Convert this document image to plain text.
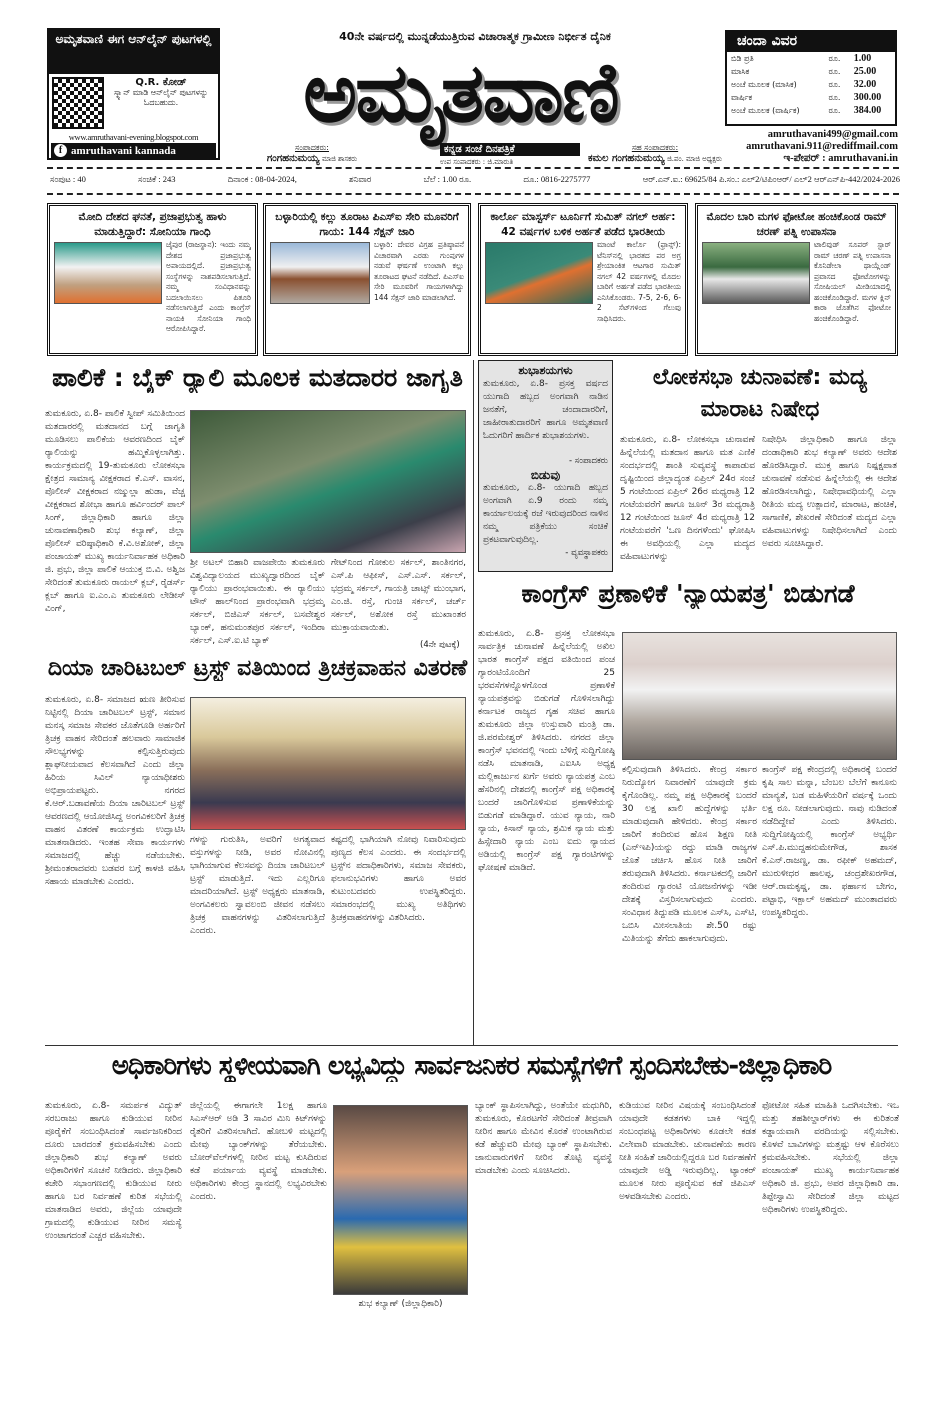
ಅಮೃತವಾಣಿ ಈಗ ಆನ್‌ಲೈನ್ ಪುಟಗಳಲ್ಲಿ
Q.R. ಕೋಡ್
ಸ್ಕ್ಯಾನ್ ಮಾಡಿ ಆನ್‌ಲೈನ್ ಪುಟಗಳನ್ನು ಓದಬಹುದು.
www.amruthavani-evening.blogspot.com
f amruthavani kannada
40ನೇ ವರ್ಷದಲ್ಲಿ ಮುನ್ನಡೆಯುತ್ತಿರುವ ವಿಚಾರಾತ್ಮಕ ಗ್ರಾಮೀಣ ನಿರ್ಭೀತ ದೈನಿಕ
ಅಮೃತವಾಣಿ
ಕನ್ನಡ ಸಂಜೆ ದಿನಪತ್ರಿಕೆ
ಉಪ ಸಂಪಾದಕರು : ಜಿ.ಮಾರುತಿ
ಸಂಪಾದಕರು:
ಗಂಗಹನುಮಯ್ಯ ಮಾಜಿ ಶಾಸಕರು
ಸಹ ಸಂಪಾದಕರು:
ಕಮಲ ಗಂಗಹನುಮಯ್ಯ ಜಿ.ಪಂ. ಮಾಜಿ ಅಧ್ಯಕ್ಷರು
ಚಂದಾ ವಿವರ
ಬಿಡಿ ಪ್ರತಿ	ರೂ.	1.00
ಮಾಸಿಕ	ರೂ.	25.00
ಅಂಚೆ ಮೂಲಕ (ಮಾಸಿಕ)	ರೂ.	32.00
ವಾರ್ಷಿಕ	ರೂ.	300.00
ಅಂಚೆ ಮೂಲಕ (ವಾರ್ಷಿಕ)	ರೂ.	384.00
amruthavani499@gmail.com
amruthavani.911@rediffmail.com
ಇ-ಪೇಪರ್ : amruthavani.in
ಸಂಪುಟ : 40	ಸಂಚಿಕೆ : 243	ದಿನಾಂಕ : 08-04-2024,	ಶನಿವಾರ	ಬೆಲೆ : 1.00 ರೂ.	ದೂ.: 0816-2275777	ಆರ್.ಎನ್.ಐ.: 69625/84 ಪಿ.ಸಂ.: ಎಲ್2/ಟಿಪಿಂಆರ್/ ಎಲ್2 ಆರ್‌ಎನ್‌ಪಿ-442/2024-2026
ಮೋದಿ ದೇಶದ ಘನತೆ, ಪ್ರಜಾಪ್ರಭುತ್ವ ಹಾಳು ಮಾಡುತ್ತಿದ್ದಾರೆ: ಸೋನಿಯಾ ಗಾಂಧಿ
ಜೈಪುರ (ರಾಜಸ್ಥಾನ): ಇಂದು ನಮ್ಮ ದೇಶದ ಪ್ರಜಾಪ್ರಭುತ್ವ ಅಪಾಯದಲ್ಲಿದೆ. ಪ್ರಜಾಪ್ರಭುತ್ವ ಸಂಸ್ಥೆಗಳನ್ನು ನಾಶಪಡಿಸಲಾಗುತ್ತಿದೆ. ನಮ್ಮ ಸಂವಿಧಾನವನ್ನು ಬದಲಾಯಿಸಲು ಪಿತೂರಿ ನಡೆಸಲಾಗುತ್ತಿದೆ ಎಂದು ಕಾಂಗ್ರೆಸ್ ನಾಯಕಿ ಸೋನಿಯಾ ಗಾಂಧಿ ಆರೋಪಿಸಿದ್ದಾರೆ.
ಬಳ್ಳಾರಿಯಲ್ಲಿ ಕಲ್ಲು ತೂರಾಟ ಪಿಎಸ್‌ಐ ಸೇರಿ ಮೂವರಿಗೆ ಗಾಯ: 144 ಸೆಕ್ಷನ್ ಜಾರಿ
ಬಳ್ಳಾರಿ: ದೇವರ ವಿಗ್ರಹ ಪ್ರತಿಷ್ಠಾಪನೆ ವಿಚಾರವಾಗಿ ಎರಡು ಗುಂಪುಗಳ ನಡುವೆ ಘರ್ಷಣೆ ಉಂಟಾಗಿ ಕಲ್ಲು ತೂರಾಟದ ಘಟನೆ ನಡೆದಿದೆ. ಪಿಎಸ್‌ಐ ಸೇರಿ ಮೂವರಿಗೆ ಗಾಯಗಳಾಗಿದ್ದು 144 ಸೆಕ್ಷನ್ ಜಾರಿ ಮಾಡಲಾಗಿದೆ.
ಕಾರ್ಲೊ ಮಾಸ್ಟರ್ಸ್ ಟೂರ್ನಿಗೆ ಸುಮಿತ್ ನಗಲ್ ಅರ್ಹ: 42 ವರ್ಷಗಳ ಬಳಿಕ ಅರ್ಹತೆ ಪಡೆದ ಭಾರತೀಯ
ಮಾಂಟೆ ಕಾರ್ಲೊ (ಫ್ರಾನ್ಸ್): ಟೆನಿಸ್‌ನಲ್ಲಿ ಭಾರತದ ಪರ ಅಗ್ರ ಶ್ರೇಯಾಂಕಿತ ಆಟಗಾರ ಸುಮಿತ್ ನಗಲ್ 42 ವರ್ಷಗಳಲ್ಲಿ ಮೊದಲ ಬಾರಿಗೆ ಅರ್ಹತೆ ಪಡೆದ ಭಾರತೀಯ ಎನಿಸಿಕೊಂಡರು. 7-5, 2-6, 6-2 ಸೆಟ್‌ಗಳಿಂದ ಗೆಲುವು ಸಾಧಿಸಿದರು.
ಮೊದಲ ಬಾರಿ ಮಗಳ ಫೋಟೋ ಹಂಚಿಕೊಂಡ ರಾಮ್ ಚರಣ್ ಪತ್ನಿ ಉಪಾಸನಾ
ಟಾಲಿವುಡ್ ಸೂಪರ್ ಸ್ಟಾರ್ ರಾಮ್ ಚರಣ್ ಪತ್ನಿ ಉಪಾಸನಾ ಕೊನಿಡೇಲಾ ಥಾಯ್ಲೆಂಡ್ ಪ್ರವಾಸದ ಫೋಟೋಗಳನ್ನು ಸೋಷಿಯಲ್ ಮೀಡಿಯಾದಲ್ಲಿ ಹಂಚಿಕೊಂಡಿದ್ದಾರೆ. ಮಗಳ ಕ್ಲಿನ್ ಕಾರಾ ಜೊತೆಗಿನ ಫೋಟೋ ಹಂಚಿಕೊಂಡಿದ್ದಾರೆ.
ಪಾಲಿಕೆ : ಬೈಕ್ ರ್‍ಯಾಲಿ ಮೂಲಕ ಮತದಾರರ ಜಾಗೃತಿ
ತುಮಕೂರು, ಏ.8- ಪಾಲಿಕೆ ಸ್ವೀಪ್ ಸಮಿತಿಯಿಂದ ಮತದಾರರಲ್ಲಿ ಮತದಾನದ ಬಗ್ಗೆ ಜಾಗೃತಿ ಮೂಡಿಸಲು ಪಾಲಿಕೆಯ ಆವರಣದಿಂದ ಬೈಕ್ ರ್‍ಯಾಲಿಯನ್ನು ಹಮ್ಮಿಕೊಳ್ಳಲಾಗಿತ್ತು. ಕಾರ್ಯಕ್ರಮದಲ್ಲಿ 19-ತುಮಕೂರು ಲೋಕಸಭಾ ಕ್ಷೇತ್ರದ ಸಾಮಾನ್ಯ ವೀಕ್ಷಕರಾದ ಕೆ.ಎಸ್. ವಾಸನ, ಪೊಲೀಸ್ ವೀಕ್ಷಕರಾದ ನಜ್ಮುಲ್ಲಾ ಹುಡಾ, ವೆಚ್ಚ ವೀಕ್ಷಕರಾದ ಶೋಭಾ ಹಾಗೂ ಹರ್ವಿಂದರ್ ಪಾಲ್ ಸಿಂಗ್, ಜಿಲ್ಲಾಧಿಕಾರಿ ಹಾಗೂ ಜಿಲ್ಲಾ ಚುನಾವಣಾಧಿಕಾರಿ ಶುಭ ಕಲ್ಯಾಣ್, ಜಿಲ್ಲಾ ಪೊಲೀಸ್ ವರಿಷ್ಠಾಧಿಕಾರಿ ಕೆ.ವಿ.ಅಶೋಕ್, ಜಿಲ್ಲಾ ಪಂಚಾಯತ್ ಮುಖ್ಯ ಕಾರ್ಯನಿರ್ವಾಹಕ ಅಧಿಕಾರಿ ಜಿ. ಪ್ರಭು, ಜಿಲ್ಲಾ ಪಾಲಿಕೆ ಆಯುಕ್ತ ಬಿ.ವಿ. ಅಶ್ವಿಜ ಸೇರಿದಂತೆ ತುಮಕೂರು ರಾಯಲ್ ಕ್ಲಬ್, ರೈಡರ್ಸ್ ಕ್ಲಬ್ ಹಾಗೂ ಐ.ಎಂ.ಎ ತುಮಕೂರು ಲೇಡೀಸ್ ವಿಂಗ್,
ಶ್ರೀ ಅಟಲ್ ಬಿಹಾರಿ ವಾಜಪೇಯಿ ತುಮಕೂರು ವಿಶ್ವವಿದ್ಯಾಲಯದ ಮುಖ್ಯದ್ವಾರದಿಂದ ಬೈಕ್ ರ್‍ಯಾಲಿಯು ಪ್ರಾರಂಭವಾಯಿತು. ಈ ರ್‍ಯಾಲಿಯು ಟೌನ್ ಹಾಲ್‌ನಿಂದ ಪ್ರಾರಂಭವಾಗಿ ಭದ್ರಮ್ಮ ಸರ್ಕಲ್, ಬಿಜಿಎಸ್ ಸರ್ಕಲ್, ಬಸವೇಶ್ವರ ಬ್ಯಾಂಕ್, ಹನುಮಂತಪುರ ಸರ್ಕಲ್, ಇಂದಿರಾ ಸರ್ಕಲ್, ಎಸ್.ಐ.ಟಿ ಬ್ಯಾಕ್
ಗೇಟ್‌ನಿಂದ ಗೋಕುಲ ಸರ್ಕಲ್, ಶಾಂತಿನಗರ, ಎಸ್.ಪಿ ಆಫೀಸ್, ಎಸ್.ಎಸ್. ಸರ್ಕಲ್, ಭದ್ರಮ್ಮ ಸರ್ಕಲ್, ಗಾಯತ್ರಿ ಚಾಟ್ಸ್ ಮುಂಭಾಗ, ಎಂ.ಜಿ. ರಸ್ತೆ, ಗುಂಚಿ ಸರ್ಕಲ್, ಚರ್ಚ್ ಸರ್ಕಲ್, ಅಶೋಕ ರಸ್ತೆ ಮುಖಾಂತರ ಮುಕ್ತಾಯವಾಯಿತು.
(4ನೇ ಪುಟಕ್ಕೆ)
ಶುಭಾಶಯಗಳು
ತುಮಕೂರು, ಏ.8- ಪ್ರಸಕ್ತ ವರ್ಷದ ಯುಗಾದಿ ಹಬ್ಬದ ಅಂಗವಾಗಿ ನಾಡಿನ ಜನತೆಗೆ, ಚಂದಾದಾರರಿಗೆ, ಜಾಹೀರಾತುದಾರರಿಗೆ ಹಾಗೂ ಅಮೃತವಾಣಿ ಓದುಗರಿಗೆ ಹಾರ್ದಿಕ ಶುಭಾಶಯಗಳು.
- ಸಂಪಾದಕರು
ಬಿಡುವು
ತುಮಕೂರು, ಏ.8- ಯುಗಾದಿ ಹಬ್ಬದ ಅಂಗವಾಗಿ ಏ.9 ರಂದು ನಮ್ಮ ಕಾರ್ಯಾಲಯಕ್ಕೆ ರಜೆ ಇರುವುದರಿಂದ ನಾಳಿನ ನಮ್ಮ ಪತ್ರಿಕೆಯು ಸಂಚಿಕೆ ಪ್ರಕಟವಾಗುವುದಿಲ್ಲ.
- ವ್ಯವಸ್ಥಾಪಕರು
ಲೋಕಸಭಾ ಚುನಾವಣೆ: ಮದ್ಯ ಮಾರಾಟ ನಿಷೇಧ
ತುಮಕೂರು, ಏ.8- ಲೋಕಸಭಾ ಚುನಾವಣೆ ಹಿನ್ನೆಲೆಯಲ್ಲಿ ಮತದಾನ ಹಾಗೂ ಮತ ಎಣಿಕೆ ಸಂದರ್ಭದಲ್ಲಿ ಶಾಂತಿ ಸುವ್ಯವಸ್ಥೆ ಕಾಪಾಡುವ ದೃಷ್ಟಿಯಿಂದ ಜಿಲ್ಲಾದ್ಯಂತ ಏಪ್ರಿಲ್ 24ರ ಸಂಜೆ 5 ಗಂಟೆಯಿಂದ ಏಪ್ರಿಲ್ 26ರ ಮಧ್ಯರಾತ್ರಿ 12 ಗಂಟೆಯವರೆಗೆ ಹಾಗೂ ಜೂನ್ 3ರ ಮಧ್ಯರಾತ್ರಿ 12 ಗಂಟೆಯಿಂದ ಜೂನ್ 4ರ ಮಧ್ಯರಾತ್ರಿ 12 ಗಂಟೆಯವರೆಗೆ 'ಒಣ ದಿನಗಳೆಂದು' ಘೋಷಿಸಿ ಈ ಅವಧಿಯಲ್ಲಿ ಎಲ್ಲಾ ಮದ್ಯದ ವಹಿವಾಟುಗಳನ್ನು
ನಿಷೇಧಿಸಿ ಜಿಲ್ಲಾಧಿಕಾರಿ ಹಾಗೂ ಜಿಲ್ಲಾ ದಂಡಾಧಿಕಾರಿ ಶುಭ ಕಲ್ಯಾಣ್ ಅವರು ಆದೇಶ ಹೊರಡಿಸಿದ್ದಾರೆ. ಮುಕ್ತ ಹಾಗೂ ನಿಷ್ಪಕ್ಷಪಾತ ಚುನಾವಣೆ ನಡೆಸುವ ಹಿನ್ನೆಲೆಯಲ್ಲಿ ಈ ಆದೇಶ ಹೊರಡಿಸಲಾಗಿದ್ದು, ನಿಷೇಧಾವಧಿಯಲ್ಲಿ ಎಲ್ಲಾ ರೀತಿಯ ಮದ್ಯ ಉತ್ಪಾದನೆ, ಮಾರಾಟ, ಹಂಚಿಕೆ, ಸಾಗಾಣಿಕೆ, ಶೇಖರಣೆ ಸೇರಿದಂತೆ ಮದ್ಯದ ಎಲ್ಲಾ ವಹಿವಾಟುಗಳನ್ನು ನಿಷೇಧಿಸಲಾಗಿದೆ ಎಂದು ಅವರು ಸೂಚಿಸಿದ್ದಾರೆ.
ಕಾಂಗ್ರೆಸ್ ಪ್ರಣಾಳಿಕೆ 'ನ್ಯಾಯಪತ್ರ' ಬಿಡುಗಡೆ
ತುಮಕೂರು, ಏ.8- ಪ್ರಸಕ್ತ ಲೋಕಸಭಾ ಸಾರ್ವತ್ರಿಕ ಚುನಾವಣೆ ಹಿನ್ನೆಲೆಯಲ್ಲಿ ಅಖಿಲ ಭಾರತ ಕಾಂಗ್ರೆಸ್ ಪಕ್ಷದ ವತಿಯಿಂದ ಪಂಚ ಗ್ಯಾರಂಟಿಯೊಂದಿಗೆ 25 ಭರವಸೆಗಳನ್ನೊಳಗೊಂಡ ಪ್ರಣಾಳಿಕೆ ನ್ಯಾಯಪತ್ರವನ್ನು ಬಿಡುಗಡೆ ಗೊಳಿಸಲಾಗಿದ್ದು ಕರ್ನಾಟಕ ರಾಜ್ಯದ ಗೃಹ ಸಚಿವ ಹಾಗೂ ತುಮಕೂರು ಜಿಲ್ಲಾ ಉಸ್ತುವಾರಿ ಮಂತ್ರಿ ಡಾ. ಜಿ.ಪರಮೇಶ್ವರ್ ತಿಳಿಸಿದರು. ನಗರದ ಜಿಲ್ಲಾ ಕಾಂಗ್ರೆಸ್ ಭವನದಲ್ಲಿ ಇಂದು ಬೆಳಿಗ್ಗೆ ಸುದ್ದಿಗೋಷ್ಠಿ ನಡೆಸಿ ಮಾತನಾಡಿ, ಎಐಸಿಸಿ ಅಧ್ಯಕ್ಷ ಮಲ್ಲಿಕಾರ್ಜುನ ಖರ್ಗೆ ಅವರು ನ್ಯಾಯಪತ್ರ ಎಂಬ ಹೆಸರಿನಲ್ಲಿ ದೇಶದಲ್ಲಿ ಕಾಂಗ್ರೆಸ್ ಪಕ್ಷ ಅಧಿಕಾರಕ್ಕೆ ಬಂದರೆ ಜಾರಿಗೊಳಿಸುವ ಪ್ರಣಾಳಿಕೆಯನ್ನು ಬಿಡುಗಡೆ ಮಾಡಿದ್ದಾರೆ. ಯುವ ನ್ಯಾಯ, ನಾರಿ ನ್ಯಾಯ, ಕಿಸಾನ್ ನ್ಯಾಯ, ಶ್ರಮಿಕ ನ್ಯಾಯ ಮತ್ತು ಹಿಸ್ಸೇದಾರಿ ನ್ಯಾಯ ಎಂಬ ಐದು ನ್ಯಾಯದ ಅಡಿಯಲ್ಲಿ ಕಾಂಗ್ರೆಸ್ ಪಕ್ಷ ಗ್ಯಾರಂಟಿಗಳನ್ನು ಘೋಷಣೆ ಮಾಡಿದೆ.
ಕಲ್ಪಿಸುವುದಾಗಿ ತಿಳಿಸಿದರು. ಕೇಂದ್ರ ಸರ್ಕಾರ ನಿರುದ್ಯೋಗ ನಿವಾರಣೆಗೆ ಯಾವುದೇ ಕ್ರಮ ಕೈಗೊಂಡಿಲ್ಲ. ನಮ್ಮ ಪಕ್ಷ ಅಧಿಕಾರಕ್ಕೆ ಬಂದರೆ 30 ಲಕ್ಷ ಖಾಲಿ ಹುದ್ದೆಗಳನ್ನು ಭರ್ತಿ ಮಾಡುವುದಾಗಿ ಹೇಳಿದರು. ಕೇಂದ್ರ ಸರ್ಕಾರ ಜಾರಿಗೆ ತಂದಿರುವ ಹೊಸ ಶಿಕ್ಷಣ ನೀತಿ (ಎನ್‌ಇಪಿ)ಯನ್ನು ರದ್ದು ಮಾಡಿ ರಾಜ್ಯಗಳ ಜೊತೆ ಚರ್ಚಿಸಿ ಹೊಸ ನೀತಿ ಜಾರಿಗೆ ತರುವುದಾಗಿ ತಿಳಿಸಿದರು. ಕರ್ನಾಟಕದಲ್ಲಿ ಜಾರಿಗೆ ತಂದಿರುವ ಗ್ಯಾರಂಟಿ ಯೋಜನೆಗಳನ್ನು ಇಡೀ ದೇಶಕ್ಕೆ ವಿಸ್ತರಿಸಲಾಗುವುದು ಎಂದರು. ಸಂವಿಧಾನ ತಿದ್ದುಪಡಿ ಮೂಲಕ ಎಸ್‌ಸಿ, ಎಸ್‌ಟಿ, ಒಬಿಸಿ ಮೀಸಲಾತಿಯ ಶೇ.50 ರಷ್ಟು ಮಿತಿಯನ್ನು ತೆಗೆದು ಹಾಕಲಾಗುವುದು.
ಕಾಂಗ್ರೆಸ್ ಪಕ್ಷ ಕೇಂದ್ರದಲ್ಲಿ ಅಧಿಕಾರಕ್ಕೆ ಬಂದರೆ ಕೃಷಿ ಸಾಲ ಮನ್ನಾ, ಬೆಂಬಲ ಬೆಲೆಗೆ ಕಾನೂನು ಮಾನ್ಯತೆ, ಬಡ ಮಹಿಳೆಯರಿಗೆ ವರ್ಷಕ್ಕೆ ಒಂದು ಲಕ್ಷ ರೂ. ನೀಡಲಾಗುವುದು. ನಾವು ನುಡಿದಂತೆ ನಡೆದಿದ್ದೇವೆ ಎಂದು ತಿಳಿಸಿದರು. ಸುದ್ದಿಗೋಷ್ಠಿಯಲ್ಲಿ ಕಾಂಗ್ರೆಸ್ ಅಭ್ಯರ್ಥಿ ಎಸ್.ಪಿ.ಮುದ್ದಹನುಮೇಗೌಡ, ಶಾಸಕ ಕೆ.ಎನ್.ರಾಜಣ್ಣ, ಡಾ. ರಫೀಕ್ ಅಹಮದ್, ಮುರುಳೀಧರ ಹಾಲಪ್ಪ, ಚಂದ್ರಶೇಖರಗೌಡ, ಆರ್.ರಾಮಕೃಷ್ಣ, ಡಾ. ಫರ್ಹಾನ ಬೇಗಂ, ಪಟ್ಟಾಭಿ, ಇಕ್ಬಾಲ್ ಅಹಮದ್ ಮುಂತಾದವರು ಉಪಸ್ಥಿತರಿದ್ದರು.
ದಿಯಾ ಚಾರಿಟಬಲ್ ಟ್ರಸ್ಟ್ ವತಿಯಿಂದ ತ್ರಿಚಕ್ರವಾಹನ ವಿತರಣೆ
ತುಮಕೂರು, ಏ.8- ಸಮಾಜದ ಋಣ ತೀರಿಸುವ ನಿಟ್ಟಿನಲ್ಲಿ ದಿಯಾ ಚಾರಿಟಬಲ್ ಟ್ರಸ್ಟ್, ಸಮಾನ ಮನಸ್ಕ ಸಮಾಜ ಸೇವಕರ ಜೊತೆಗೂಡಿ ಅರ್ಹರಿಗೆ ತ್ರಿಚಕ್ರ ವಾಹನ ಸೇರಿದಂತೆ ಹಲವಾರು ಸಾಮಾಜಿಕ ಸೌಲಭ್ಯಗಳನ್ನು ಕಲ್ಪಿಸುತ್ತಿರುವುದು ಶ್ಲಾಘನೀಯವಾದ ಕೆಲಸವಾಗಿದೆ ಎಂದು ಜಿಲ್ಲಾ ಹಿರಿಯ ಸಿವಿಲ್ ನ್ಯಾಯಾಧೀಶರು ಅಭಿಪ್ರಾಯಪಟ್ಟರು. ನಗರದ ಕೆ.ಆರ್.ಬಡಾವಣೆಯ ದಿಯಾ ಚಾರಿಟಬಲ್ ಟ್ರಸ್ಟ್ ಆವರಣದಲ್ಲಿ ಆಯೋಜಿಸಿದ್ದ ಅಂಗವಿಕಲರಿಗೆ ತ್ರಿಚಕ್ರ ವಾಹನ ವಿತರಣೆ ಕಾರ್ಯಕ್ರಮ ಉದ್ಘಾಟಿಸಿ ಮಾತನಾಡಿದರು. ಇಂತಹ ಸೇವಾ ಕಾರ್ಯಗಳು ಸಮಾಜದಲ್ಲಿ ಹೆಚ್ಚು ನಡೆಯಬೇಕು. ಶ್ರೀಮಂತರಾದವರು ಬಡವರ ಬಗ್ಗೆ ಕಾಳಜಿ ವಹಿಸಿ ಸಹಾಯ ಮಾಡಬೇಕು ಎಂದರು.
ಗಳನ್ನು ಗುರುತಿಸಿ, ಅವರಿಗೆ ಅಗತ್ಯವಾದ ವಸ್ತುಗಳನ್ನು ನೀಡಿ, ಅವರ ನೋವಿನಲ್ಲಿ ಭಾಗಿಯಾಗುವ ಕೆಲಸವನ್ನು ದಿಯಾ ಚಾರಿಟಬಲ್ ಟ್ರಸ್ಟ್ ಮಾಡುತ್ತಿದೆ. ಇದು ಎಲ್ಲರಿಗೂ ಮಾದರಿಯಾಗಿದೆ. ಟ್ರಸ್ಟ್ ಅಧ್ಯಕ್ಷರು ಮಾತನಾಡಿ, ಅಂಗವಿಕಲರು ಸ್ವಾವಲಂಬಿ ಜೀವನ ನಡೆಸಲು ತ್ರಿಚಕ್ರ ವಾಹನಗಳನ್ನು ವಿತರಿಸಲಾಗುತ್ತಿದೆ ಎಂದರು.
ಕಷ್ಟದಲ್ಲಿ ಭಾಗಿಯಾಗಿ ನೋವು ನಿವಾರಿಸುವುದು ಪುಣ್ಯದ ಕೆಲಸ ಎಂದರು. ಈ ಸಂದರ್ಭದಲ್ಲಿ ಟ್ರಸ್ಟ್‌ನ ಪದಾಧಿಕಾರಿಗಳು, ಸಮಾಜ ಸೇವಕರು, ಫಲಾನುಭವಿಗಳು ಹಾಗೂ ಅವರ ಕುಟುಂಬದವರು ಉಪಸ್ಥಿತರಿದ್ದರು. ಸಮಾರಂಭದಲ್ಲಿ ಮುಖ್ಯ ಅತಿಥಿಗಳು ತ್ರಿಚಕ್ರವಾಹನಗಳನ್ನು ವಿತರಿಸಿದರು.
ಅಧಿಕಾರಿಗಳು ಸ್ಥಳೀಯವಾಗಿ ಲಭ್ಯವಿದ್ದು ಸಾರ್ವಜನಿಕರ ಸಮಸ್ಯೆಗಳಿಗೆ ಸ್ಪಂದಿಸಬೇಕು-ಜಿಲ್ಲಾಧಿಕಾರಿ
ತುಮಕೂರು, ಏ.8- ಸಮರ್ಪಕ ವಿದ್ಯುತ್ ಸರಬರಾಜು ಹಾಗೂ ಕುಡಿಯುವ ನೀರಿನ ಪೂರೈಕೆಗೆ ಸಂಬಂಧಿಸಿದಂತೆ ಸಾರ್ವಜನಿಕರಿಂದ ದೂರು ಬಾರದಂತೆ ಕ್ರಮವಹಿಸಬೇಕು ಎಂದು ಜಿಲ್ಲಾಧಿಕಾರಿ ಶುಭ ಕಲ್ಯಾಣ್ ಅವರು ಅಧಿಕಾರಿಗಳಿಗೆ ಸೂಚನೆ ನೀಡಿದರು. ಜಿಲ್ಲಾಧಿಕಾರಿ ಕಚೇರಿ ಸಭಾಂಗಣದಲ್ಲಿ ಕುಡಿಯುವ ನೀರು ಹಾಗೂ ಬರ ನಿರ್ವಹಣೆ ಕುರಿತ ಸಭೆಯಲ್ಲಿ ಮಾತನಾಡಿದ ಅವರು, ಜಿಲ್ಲೆಯ ಯಾವುದೇ ಗ್ರಾಮದಲ್ಲಿ ಕುಡಿಯುವ ನೀರಿನ ಸಮಸ್ಯೆ ಉಂಟಾಗದಂತೆ ಎಚ್ಚರ ವಹಿಸಬೇಕು.
ಜಿಲ್ಲೆಯಲ್ಲಿ ಈಗಾಗಲೇ 1ಲಕ್ಷ ಹಾಗೂ ಸಿಎಸ್‌ಆರ್ ಅಡಿ 3 ಸಾವಿರ ಮಿನಿ ಕಿಟ್‌ಗಳನ್ನು ರೈತರಿಗೆ ವಿತರಿಸಲಾಗಿದೆ. ಹೋಬಳಿ ಮಟ್ಟದಲ್ಲಿ ಮೇವು ಬ್ಯಾಂಕ್‌ಗಳನ್ನು ತೆರೆಯಬೇಕು. ಬೋರ್‌ವೆಲ್‌ಗಳಲ್ಲಿ ನೀರಿನ ಮಟ್ಟ ಕುಸಿದಿರುವ ಕಡೆ ಪರ್ಯಾಯ ವ್ಯವಸ್ಥೆ ಮಾಡಬೇಕು. ಅಧಿಕಾರಿಗಳು ಕೇಂದ್ರ ಸ್ಥಾನದಲ್ಲಿ ಲಭ್ಯವಿರಬೇಕು ಎಂದರು.
ಶುಭ ಕಲ್ಯಾಣ್ (ಜಿಲ್ಲಾಧಿಕಾರಿ)
ಬ್ಯಾಂಕ್ ಸ್ಥಾಪಿಸಲಾಗಿದ್ದು, ಅಂತೆಯೇ ಮಧುಗಿರಿ, ತುಮಕೂರು, ಕೊರಟಗೆರೆ ಸೇರಿದಂತೆ ತೀವ್ರವಾಗಿ ನೀರಿನ ಹಾಗೂ ಮೇವಿನ ಕೊರತೆ ಉಂಟಾಗಿರುವ ಕಡೆ ಹೆಚ್ಚುವರಿ ಮೇವು ಬ್ಯಾಂಕ್ ಸ್ಥಾಪಿಸಬೇಕು. ಜಾನುವಾರುಗಳಿಗೆ ನೀರಿನ ತೊಟ್ಟಿ ವ್ಯವಸ್ಥೆ ಮಾಡಬೇಕು ಎಂದು ಸೂಚಿಸಿದರು.
ಕುಡಿಯುವ ನೀರಿನ ವಿಷಯಕ್ಕೆ ಸಂಬಂಧಿಸಿದಂತೆ ಯಾವುದೇ ಕಡತಗಳು ಬಾಕಿ ಇದ್ದಲ್ಲಿ ಸಂಬಂಧಪಟ್ಟ ಅಧಿಕಾರಿಗಳು ಕೂಡಲೇ ಕಡತ ವಿಲೇವಾರಿ ಮಾಡಬೇಕು. ಚುನಾವಣೆಯ ಕಾರಣ ನೀತಿ ಸಂಹಿತೆ ಜಾರಿಯಲ್ಲಿದ್ದರೂ ಬರ ನಿರ್ವಹಣೆಗೆ ಯಾವುದೇ ಅಡ್ಡಿ ಇರುವುದಿಲ್ಲ. ಟ್ಯಾಂಕರ್ ಮೂಲಕ ನೀರು ಪೂರೈಸುವ ಕಡೆ ಜಿಪಿಎಸ್ ಅಳವಡಿಸಬೇಕು ಎಂದರು.
ಫೋಟೋ ಸಹಿತ ಮಾಹಿತಿ ಒದಗಿಸಬೇಕು. ಇಒ ಮತ್ತು ತಹಶೀಲ್ದಾರ್‌ಗಳು ಈ ಕುರಿತಂತೆ ಕಡ್ಡಾಯವಾಗಿ ವರದಿಯನ್ನು ಸಲ್ಲಿಸಬೇಕು. ಕೊಳವೆ ಬಾವಿಗಳನ್ನು ಮತ್ತಷ್ಟು ಆಳ ಕೊರೆಸಲು ಕ್ರಮವಹಿಸಬೇಕು. ಸಭೆಯಲ್ಲಿ ಜಿಲ್ಲಾ ಪಂಚಾಯತ್ ಮುಖ್ಯ ಕಾರ್ಯನಿರ್ವಾಹಕ ಅಧಿಕಾರಿ ಜಿ. ಪ್ರಭು, ಅಪರ ಜಿಲ್ಲಾಧಿಕಾರಿ ಡಾ. ತಿಪ್ಪೇಸ್ವಾಮಿ ಸೇರಿದಂತೆ ಜಿಲ್ಲಾ ಮಟ್ಟದ ಅಧಿಕಾರಿಗಳು ಉಪಸ್ಥಿತರಿದ್ದರು.
